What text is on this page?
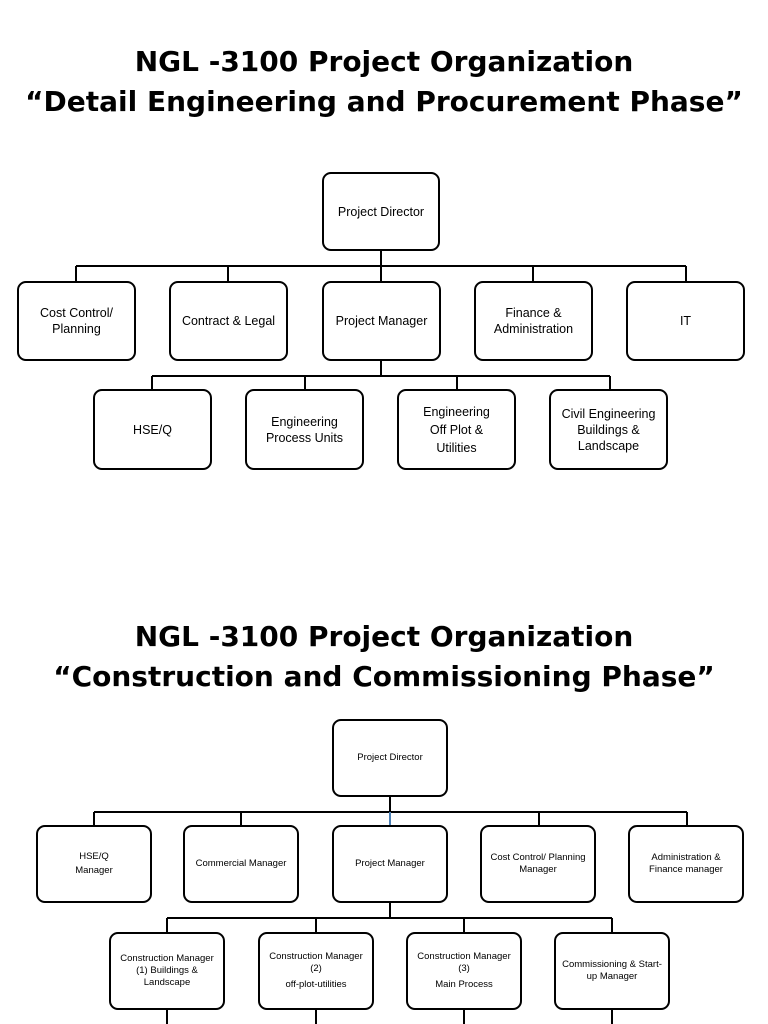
NGL -3100 Project Organization
“Detail Engineering and Procurement Phase”
Project Director
Cost Control/
Planning
Contract & Legal	Project Manager
Finance &
Administration
IT
HSE/Q
Engineering
Process Units
Engineering
Off Plot &
Utilities
Civil Engineering
Buildings &
Landscape
NGL -3100 Project Organization
“Construction and Commissioning Phase”
Project Director
HSE/Q
Manager
Commercial Manager	Project Manager
Cost Control/ Planning
Manager
Administration &
Finance manager
Construction Manager
(1) Buildings &
Landscape
Construction Manager
(2)
off-plot-utilities
Construction Manager
(3)
Main Process
Commissioning & Start-
up Manager
